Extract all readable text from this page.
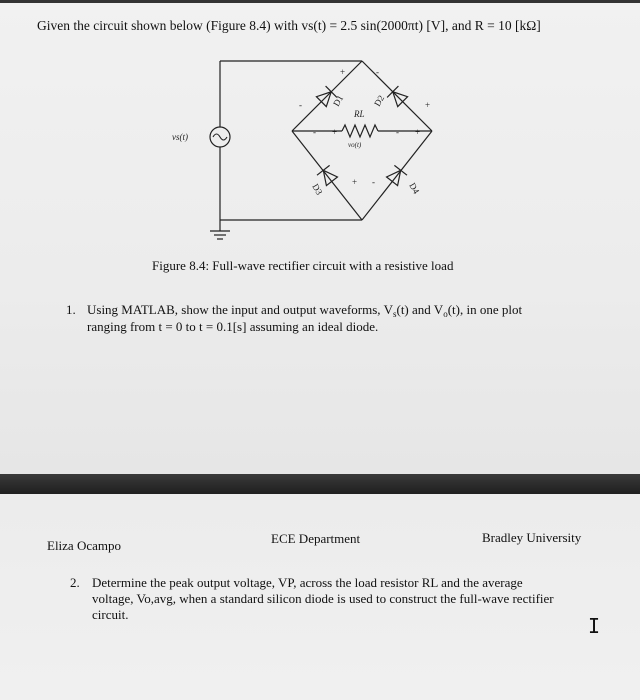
Given the circuit shown below (Figure 8.4) with vs(t) = 2.5 sin(2000πt) [V], and R = 10 [kΩ]
vs(t)
vo(t)
RL
D1	D2
D3	D4
+	-
-	+
- +	- +
+ -
Figure 8.4: Full-wave rectifier circuit with a resistive load
1. Using MATLAB, show the input and output waveforms, $V_s(t)$ and $V_o(t)$, in one plot
ranging from t = 0 to t = 0.1[s] assuming an ideal diode.
Eliza Ocampo	ECE Department	Bradley University
2. Determine the peak output voltage, VP, across the load resistor RL and the average
voltage, Vo,avg, when a standard silicon diode is used to construct the full-wave rectifier
circuit.	I
